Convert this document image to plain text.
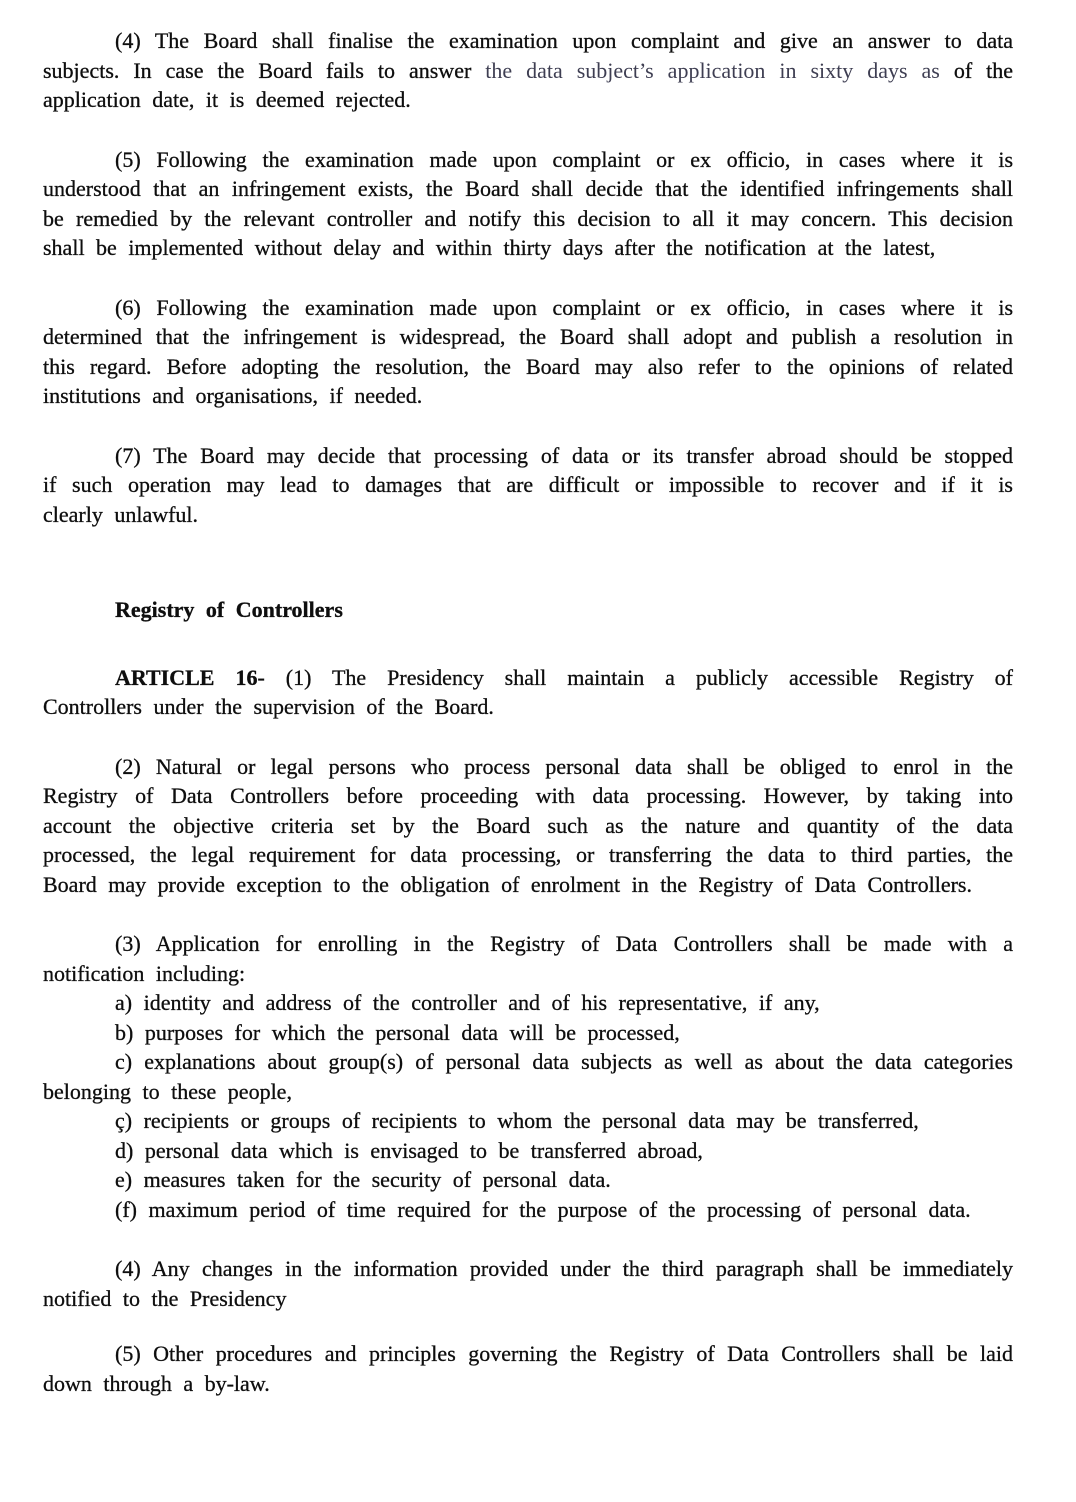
(4) The Board shall finalise the examination upon complaint and give an answer to data subjects. In case the Board fails to answer the data subject’s application in sixty days as of the application date, it is deemed rejected.

(5) Following the examination made upon complaint or ex officio, in cases where it is understood that an infringement exists, the Board shall decide that the identified infringements shall be remedied by the relevant controller and notify this decision to all it may concern. This decision shall be implemented without delay and within thirty days after the notification at the latest,

(6) Following the examination made upon complaint or ex officio, in cases where it is determined that the infringement is widespread, the Board shall adopt and publish a resolution in this regard. Before adopting the resolution, the Board may also refer to the opinions of related institutions and organisations, if needed.

(7) The Board may decide that processing of data or its transfer abroad should be stopped if such operation may lead to damages that are difficult or impossible to recover and if it is clearly unlawful.

Registry of Controllers

ARTICLE 16- (1) The Presidency shall maintain a publicly accessible Registry of Controllers under the supervision of the Board.

(2) Natural or legal persons who process personal data shall be obliged to enrol in the Registry of Data Controllers before proceeding with data processing. However, by taking into account the objective criteria set by the Board such as the nature and quantity of the data processed, the legal requirement for data processing, or transferring the data to third parties, the Board may provide exception to the obligation of enrolment in the Registry of Data Controllers.

(3) Application for enrolling in the Registry of Data Controllers shall be made with a notification including:

a) identity and address of the controller and of his representative, if any,

b) purposes for which the personal data will be processed,

c) explanations about group(s) of personal data subjects as well as about the data categories belonging to these people,

ç) recipients or groups of recipients to whom the personal data may be transferred,

d) personal data which is envisaged to be transferred abroad,

e) measures taken for the security of personal data.

(f) maximum period of time required for the purpose of the processing of personal data.

(4) Any changes in the information provided under the third paragraph shall be immediately notified to the Presidency

(5) Other procedures and principles governing the Registry of Data Controllers shall be laid down through a by-law.
